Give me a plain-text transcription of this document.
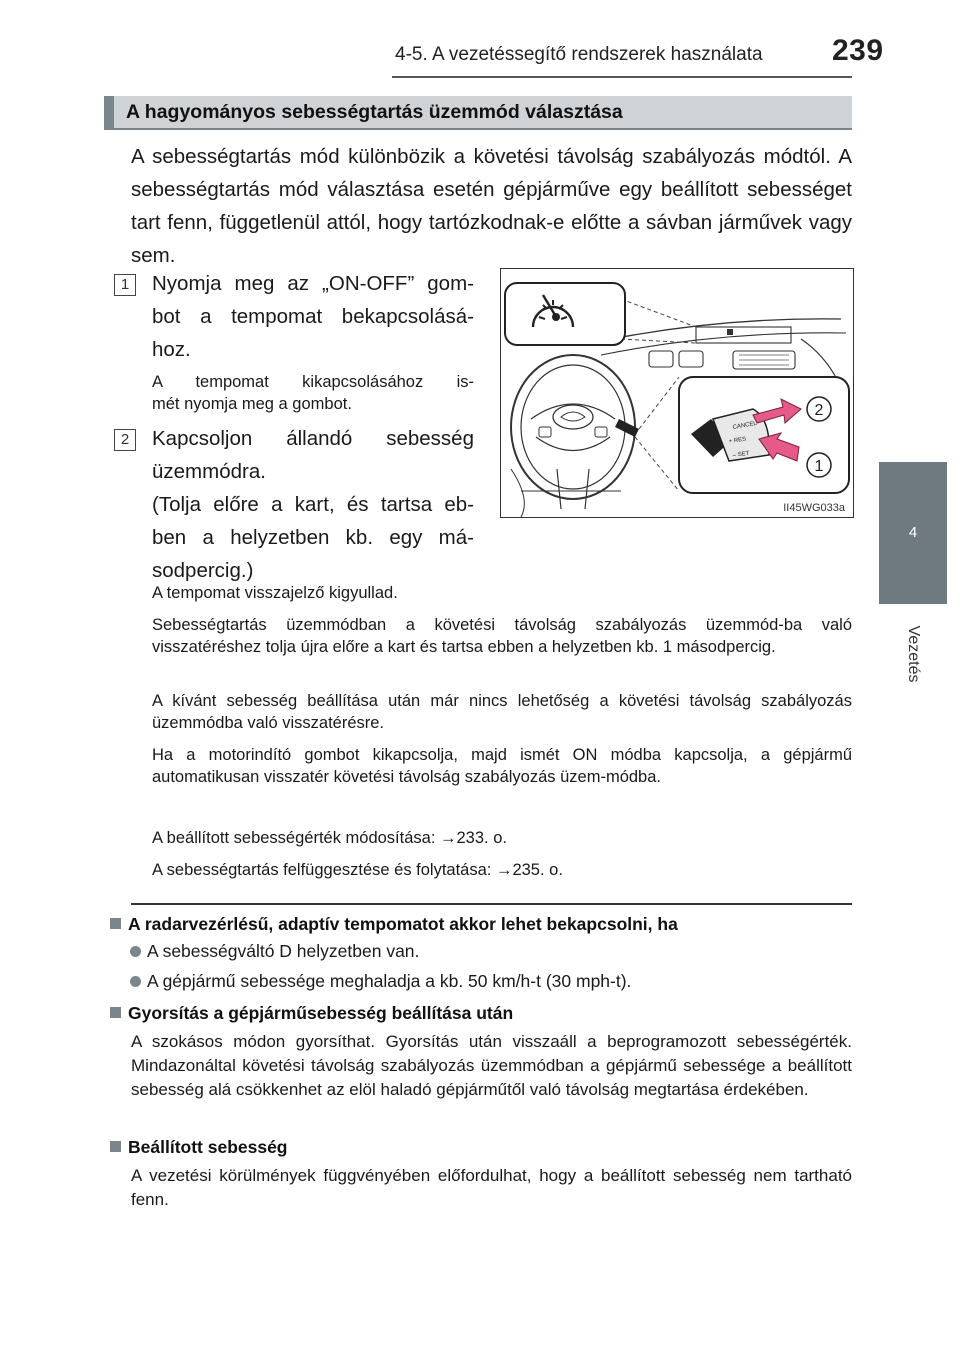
4-5. A vezetéssegítő rendszerek használata 239
4
Vezetés
A hagyományos sebességtartás üzemmód választása
A sebességtartás mód különbözik a követési távolság szabályozás módtól. A sebességtartás mód választása esetén gépjárműve egy beállított sebességet tart fenn, függetlenül attól, hogy tartózkodnak-e előtte a sávban járművek vagy sem.
1	Nyomja meg az „ON-OFF” gom-
bot a tempomat bekapcsolásá-
hoz.
A tempomat kikapcsolásához is-
mét nyomja meg a gombot.
2	Kapcsoljon állandó sebesség
üzemmódra.
(Tolja előre a kart, és tartsa eb-
ben a helyzetben kb. egy má-
sodpercig.)
CANCEL
+ RES
– SET
2
1
II45WG033a
A tempomat visszajelző kigyullad.
Sebességtartás üzemmódban a követési távolság szabályozás üzemmód-ba való visszatéréshez tolja újra előre a kart és tartsa ebben a helyzetben kb. 1 másodpercig.
A kívánt sebesség beállítása után már nincs lehetőség a követési távolság szabályozás üzemmódba való visszatérésre.
Ha a motorindító gombot kikapcsolja, majd ismét ON módba kapcsolja, a gépjármű automatikusan visszatér követési távolság szabályozás üzem-módba.
A beállított sebességérték módosítása: →233. o.
A sebességtartás felfüggesztése és folytatása: →235. o.
A radarvezérlésű, adaptív tempomatot akkor lehet bekapcsolni, ha
A sebességváltó D helyzetben van.
A gépjármű sebessége meghaladja a kb. 50 km/h-t (30 mph-t).
Gyorsítás a gépjárműsebesség beállítása után
A szokásos módon gyorsíthat. Gyorsítás után visszaáll a beprogramozott sebességérték. Mindazonáltal követési távolság szabályozás üzemmódban a gépjármű sebessége a beállított sebesség alá csökkenhet az elöl haladó gépjárműtől való távolság megtartása érdekében.
Beállított sebesség
A vezetési körülmények függvényében előfordulhat, hogy a beállított sebesség nem tartható fenn.
